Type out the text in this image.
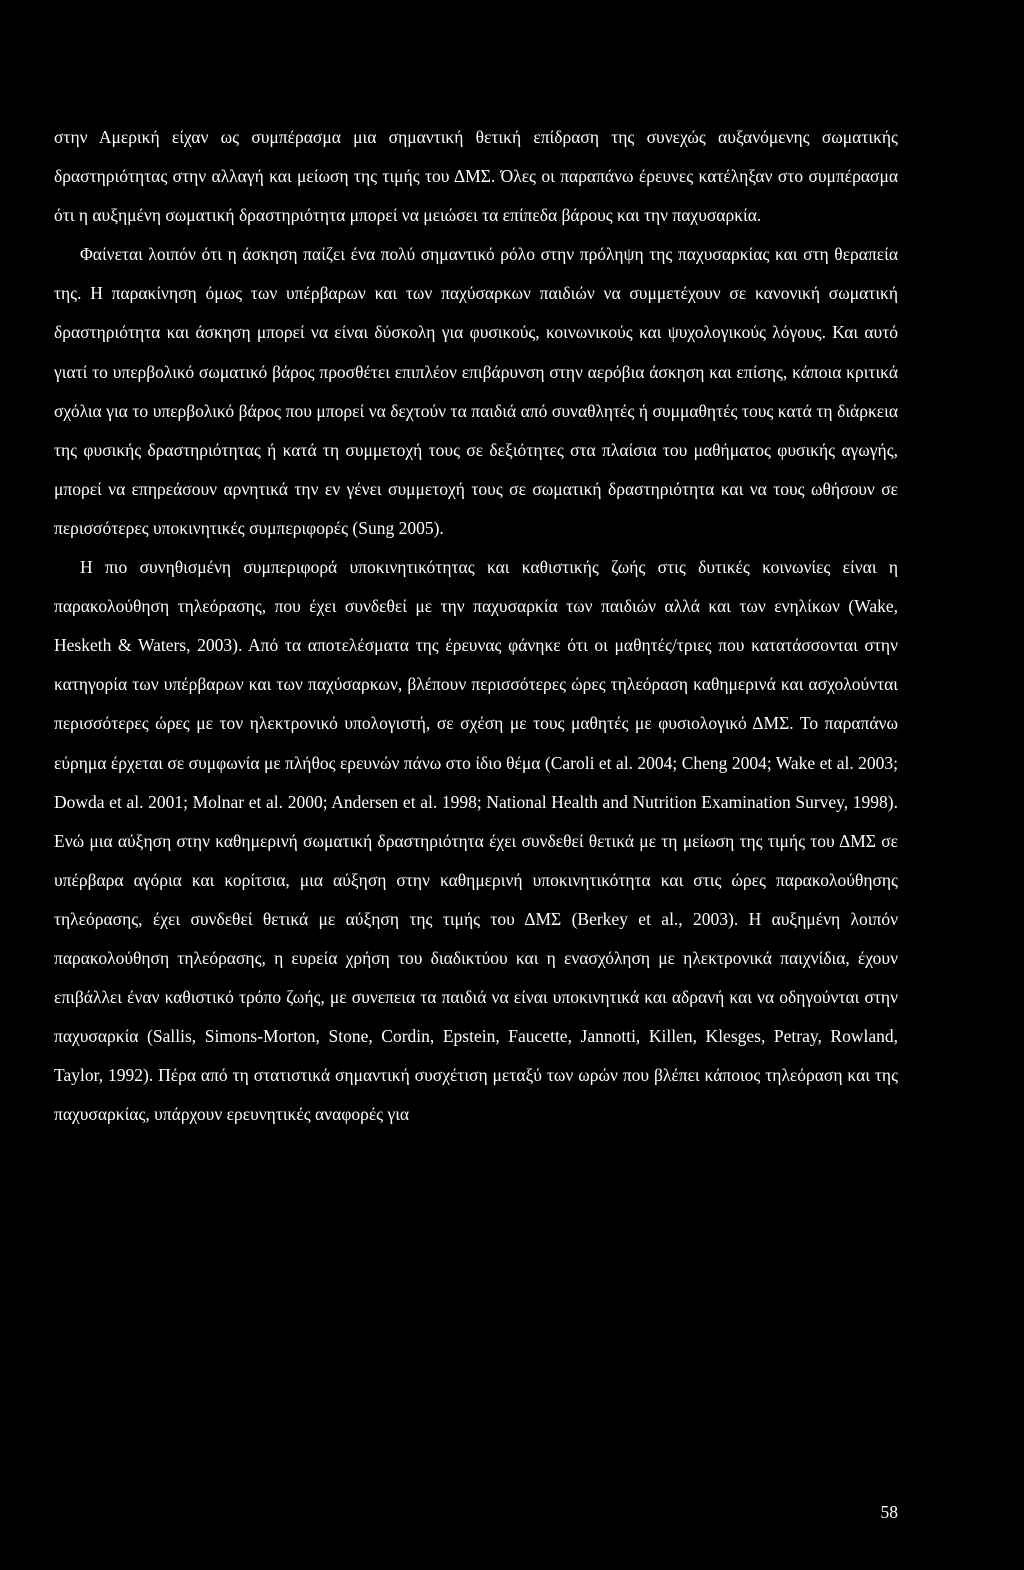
στην Αμερική είχαν ως συμπέρασμα μια σημαντική θετική επίδραση της συνεχώς αυξανόμενης σωματικής δραστηριότητας στην αλλαγή και μείωση της τιμής του ΔΜΣ. Όλες οι παραπάνω έρευνες κατέληξαν στο συμπέρασμα ότι η αυξημένη σωματική δραστηριότητα μπορεί να μειώσει τα επίπεδα βάρους και την παχυσαρκία.

Φαίνεται λοιπόν ότι η άσκηση παίζει ένα πολύ σημαντικό ρόλο στην πρόληψη της παχυσαρκίας και στη θεραπεία της. Η παρακίνηση όμως των υπέρβαρων και των παχύσαρκων παιδιών να συμμετέχουν σε κανονική σωματική δραστηριότητα και άσκηση μπορεί να είναι δύσκολη για φυσικούς, κοινωνικούς και ψυχολογικούς λόγους. Και αυτό γιατί το υπερβολικό σωματικό βάρος προσθέτει επιπλέον επιβάρυνση στην αερόβια άσκηση και επίσης, κάποια κριτικά σχόλια για το υπερβολικό βάρος που μπορεί να δεχτούν τα παιδιά από συναθλητές ή συμμαθητές τους κατά τη διάρκεια της φυσικής δραστηριότητας ή κατά τη συμμετοχή τους σε δεξιότητες στα πλαίσια του μαθήματος φυσικής αγωγής, μπορεί να επηρεάσουν αρνητικά την εν γένει συμμετοχή τους σε σωματική δραστηριότητα και να τους ωθήσουν σε περισσότερες υποκινητικές συμπεριφορές (Sung 2005).

Η πιο συνηθισμένη συμπεριφορά υποκινητικότητας και καθιστικής ζωής στις δυτικές κοινωνίες είναι η παρακολούθηση τηλεόρασης, που έχει συνδεθεί με την παχυσαρκία των παιδιών αλλά και των ενηλίκων (Wake, Hesketh & Waters, 2003). Από τα αποτελέσματα της έρευνας φάνηκε ότι οι μαθητές/τριες που κατατάσσονται στην κατηγορία των υπέρβαρων και των παχύσαρκων, βλέπουν περισσότερες ώρες τηλεόραση καθημερινά και ασχολούνται περισσότερες ώρες με τον ηλεκτρονικό υπολογιστή, σε σχέση με τους μαθητές με φυσιολογικό ΔΜΣ. Το παραπάνω εύρημα έρχεται σε συμφωνία με πλήθος ερευνών πάνω στο ίδιο θέμα (Caroli et al. 2004; Cheng 2004; Wake et al. 2003; Dowda et al. 2001; Molnar et al. 2000; Andersen et al. 1998; National Health and Nutrition Examination Survey, 1998). Ενώ μια αύξηση στην καθημερινή σωματική δραστηριότητα έχει συνδεθεί θετικά με τη μείωση της τιμής του ΔΜΣ σε υπέρβαρα αγόρια και κορίτσια, μια αύξηση στην καθημερινή υποκινητικότητα και στις ώρες παρακολούθησης τηλεόρασης, έχει συνδεθεί θετικά με αύξηση της τιμής του ΔΜΣ (Berkey et al., 2003). Η αυξημένη λοιπόν παρακολούθηση τηλεόρασης, η ευρεία χρήση του διαδικτύου και η ενασχόληση με ηλεκτρονικά παιχνίδια, έχουν επιβάλλει έναν καθιστικό τρόπο ζωής, με συνεπεια τα παιδιά να είναι υποκινητικά και αδρανή και να οδηγούνται στην παχυσαρκία (Sallis, Simons-Morton, Stone, Cordin, Epstein, Faucette, Jannotti, Killen, Klesges, Petray, Rowland, Taylor, 1992). Πέρα από τη στατιστικά σημαντική συσχέτιση μεταξύ των ωρών που βλέπει κάποιος τηλεόραση και της παχυσαρκίας, υπάρχουν ερευνητικές αναφορές για

58
